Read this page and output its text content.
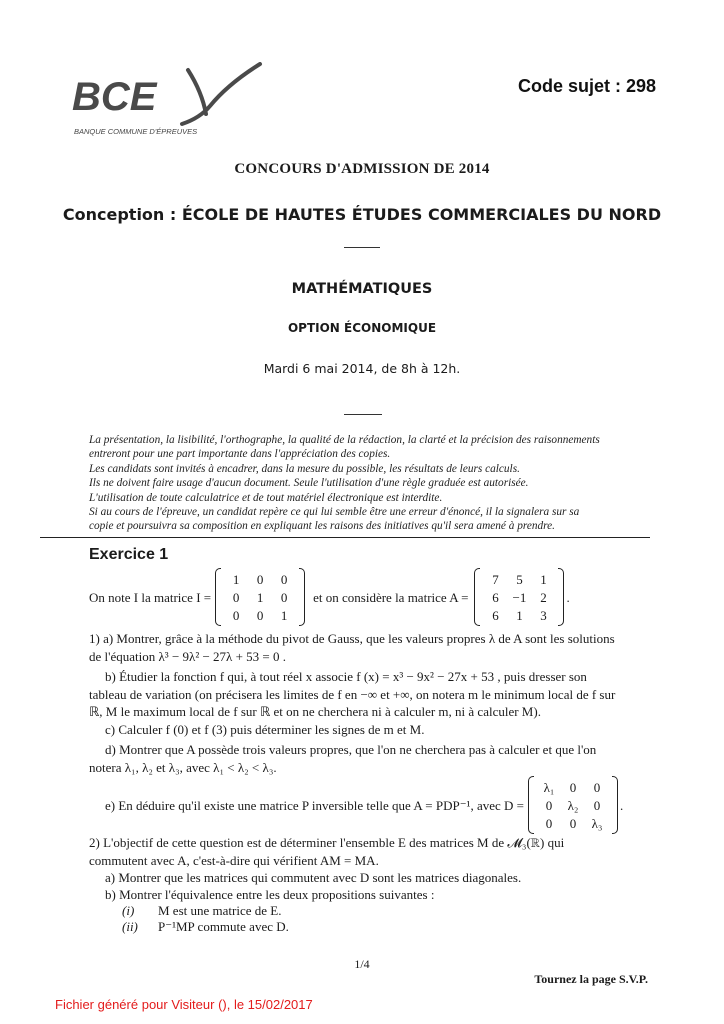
BCE
BANQUE COMMUNE D'ÉPREUVES
Code sujet : 298
CONCOURS D'ADMISSION DE 2014
Conception : ÉCOLE DE HAUTES ÉTUDES COMMERCIALES DU NORD
MATHÉMATIQUES
OPTION ÉCONOMIQUE
Mardi 6 mai 2014, de 8h à 12h.
La présentation, la lisibilité, l'orthographe, la qualité de la rédaction, la clarté et la précision des raisonnements
entreront pour une part importante dans l'appréciation des copies.
Les candidats sont invités à encadrer, dans la mesure du possible, les résultats de leurs calculs.
Ils ne doivent faire usage d'aucun document. Seule l'utilisation d'une règle graduée est autorisée.
L'utilisation de toute calculatrice et de tout matériel électronique est interdite.
Si au cours de l'épreuve, un candidat repère ce qui lui semble être une erreur d'énoncé, il la signalera sur sa
copie et poursuivra sa composition en expliquant les raisons des initiatives qu'il sera amené à prendre.
Exercice 1
On note I la matrice I =
1	0	0
0	1	0
0	0	1
et on considère la matrice A =
7	5	1
6	−1	2
6	1	3
.
1) a) Montrer, grâce à la méthode du pivot de Gauss, que les valeurs propres λ de A sont les solutions
de l'équation λ³ − 9λ² − 27λ + 53 = 0 .
b) Étudier la fonction f qui, à tout réel x associe f (x) = x³ − 9x² − 27x + 53 , puis dresser son
tableau de variation (on précisera les limites de f en −∞ et +∞, on notera m le minimum local de f sur
ℝ, M le maximum local de f sur ℝ et on ne cherchera ni à calculer m, ni à calculer M).
c) Calculer f (0) et f (3) puis déterminer les signes de m et M.
d) Montrer que A possède trois valeurs propres, que l'on ne cherchera pas à calculer et que l'on
notera λ₁, λ₂ et λ₃, avec λ₁ < λ₂ < λ₃.
e) En déduire qu'il existe une matrice P inversible telle que A = PDP⁻¹, avec D =
λ₁	0	0
0	λ₂	0
0	0	λ₃
.
2) L'objectif de cette question est de déterminer l'ensemble E des matrices M de 𝓜₃(ℝ) qui
commutent avec A, c'est-à-dire qui vérifient AM = MA.
a) Montrer que les matrices qui commutent avec D sont les matrices diagonales.
b) Montrer l'équivalence entre les deux propositions suivantes :
(i) M est une matrice de E.
(ii) P⁻¹MP commute avec D.
1/4
Tournez la page S.V.P.
Fichier généré pour Visiteur (), le 15/02/2017
